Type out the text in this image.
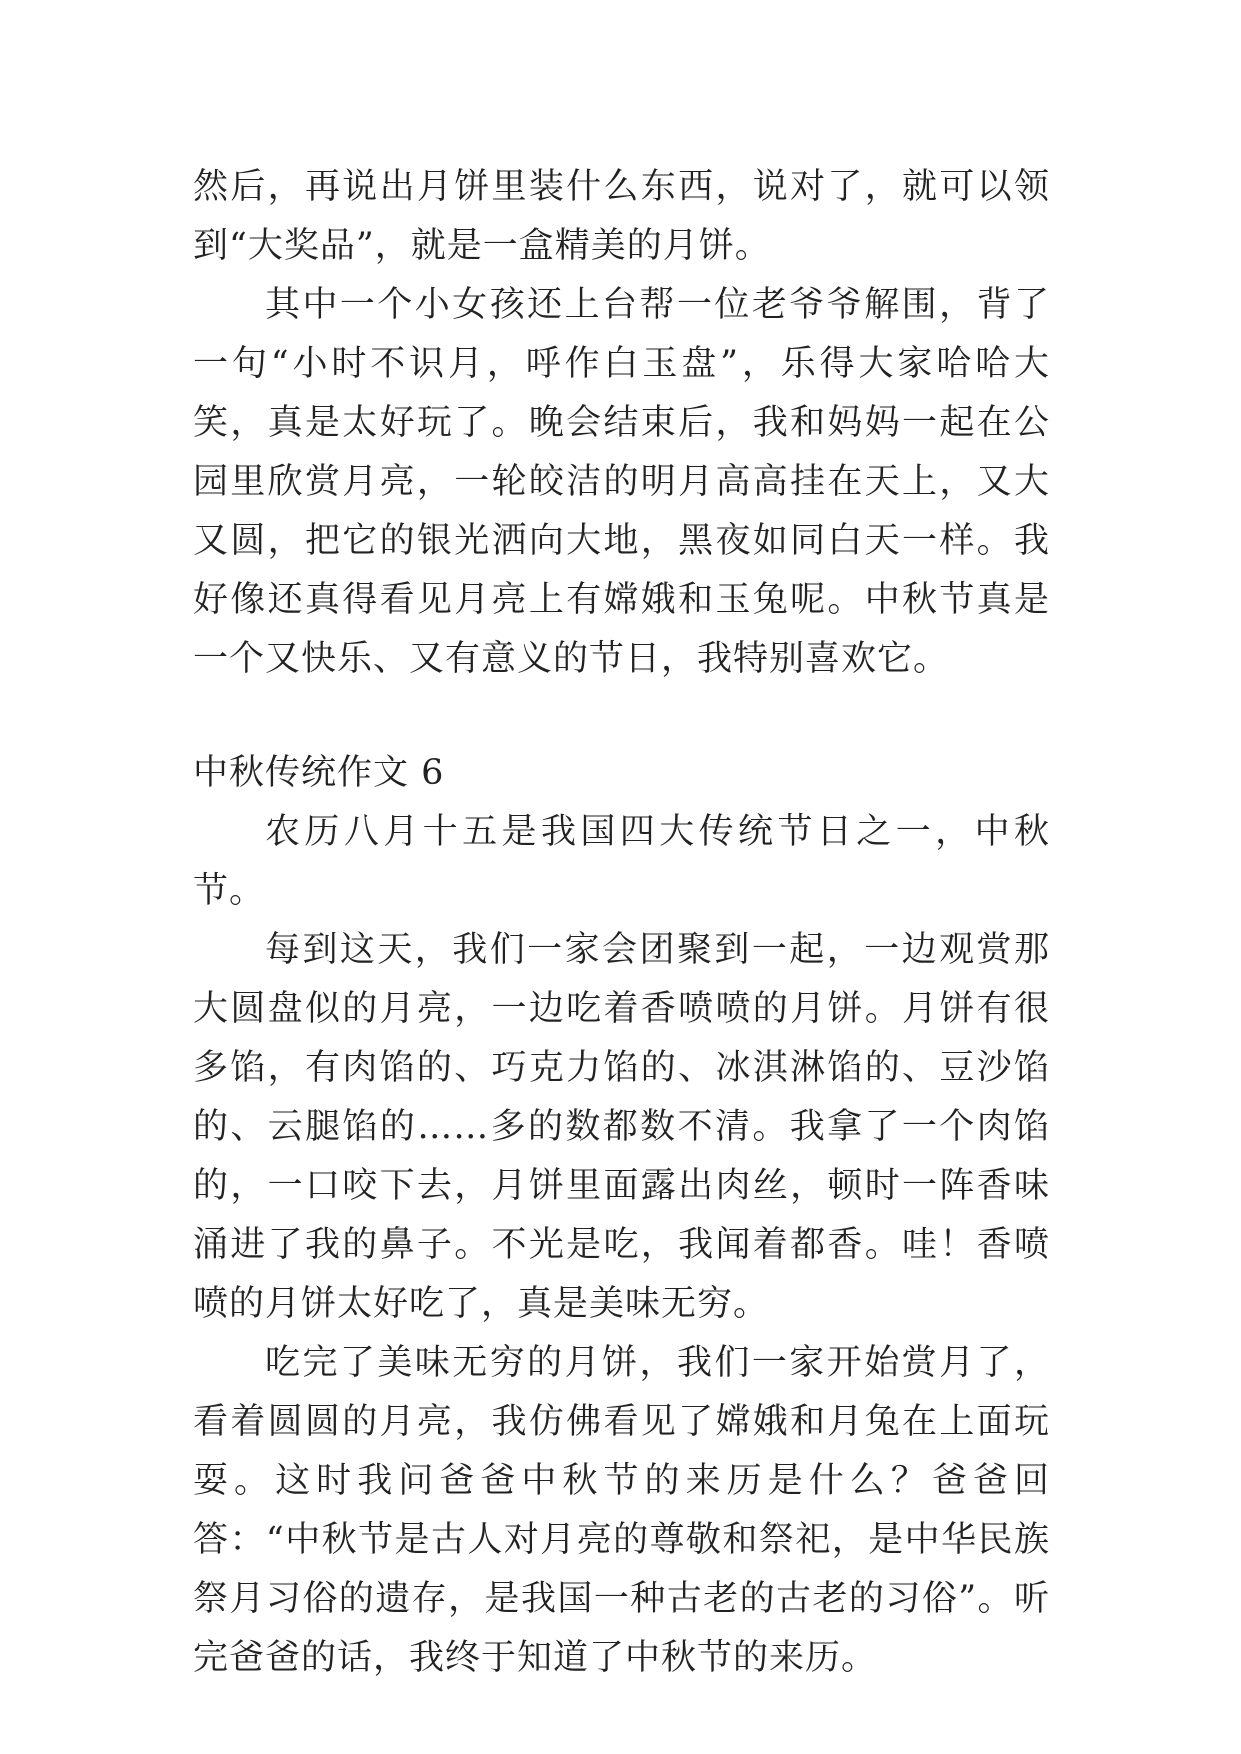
然后，再说出月饼里装什么东西，说对了，就可以领到“大奖品”，就是一盒精美的月饼。

其中一个小女孩还上台帮一位老爷爷解围，背了一句“小时不识月，呼作白玉盘”，乐得大家哈哈大笑，真是太好玩了。晚会结束后，我和妈妈一起在公园里欣赏月亮，一轮皎洁的明月高高挂在天上，又大又圆，把它的银光洒向大地，黑夜如同白天一样。我好像还真得看见月亮上有嫦娥和玉兔呢。中秋节真是一个又快乐、又有意义的节日，我特别喜欢它。

中秋传统作文 6

农历八月十五是我国四大传统节日之一，中秋节。

每到这天，我们一家会团聚到一起，一边观赏那大圆盘似的月亮，一边吃着香喷喷的月饼。月饼有很多馅，有肉馅的、巧克力馅的、冰淇淋馅的、豆沙馅的、云腿馅的……多的数都数不清。我拿了一个肉馅的，一口咬下去，月饼里面露出肉丝，顿时一阵香味涌进了我的鼻子。不光是吃，我闻着都香。哇！香喷喷的月饼太好吃了，真是美味无穷。

吃完了美味无穷的月饼，我们一家开始赏月了，看着圆圆的月亮，我仿佛看见了嫦娥和月兔在上面玩耍。这时我问爸爸中秋节的来历是什么？爸爸回答：“中秋节是古人对月亮的尊敬和祭祀，是中华民族祭月习俗的遗存，是我国一种古老的古老的习俗”。听完爸爸的话，我终于知道了中秋节的来历。
